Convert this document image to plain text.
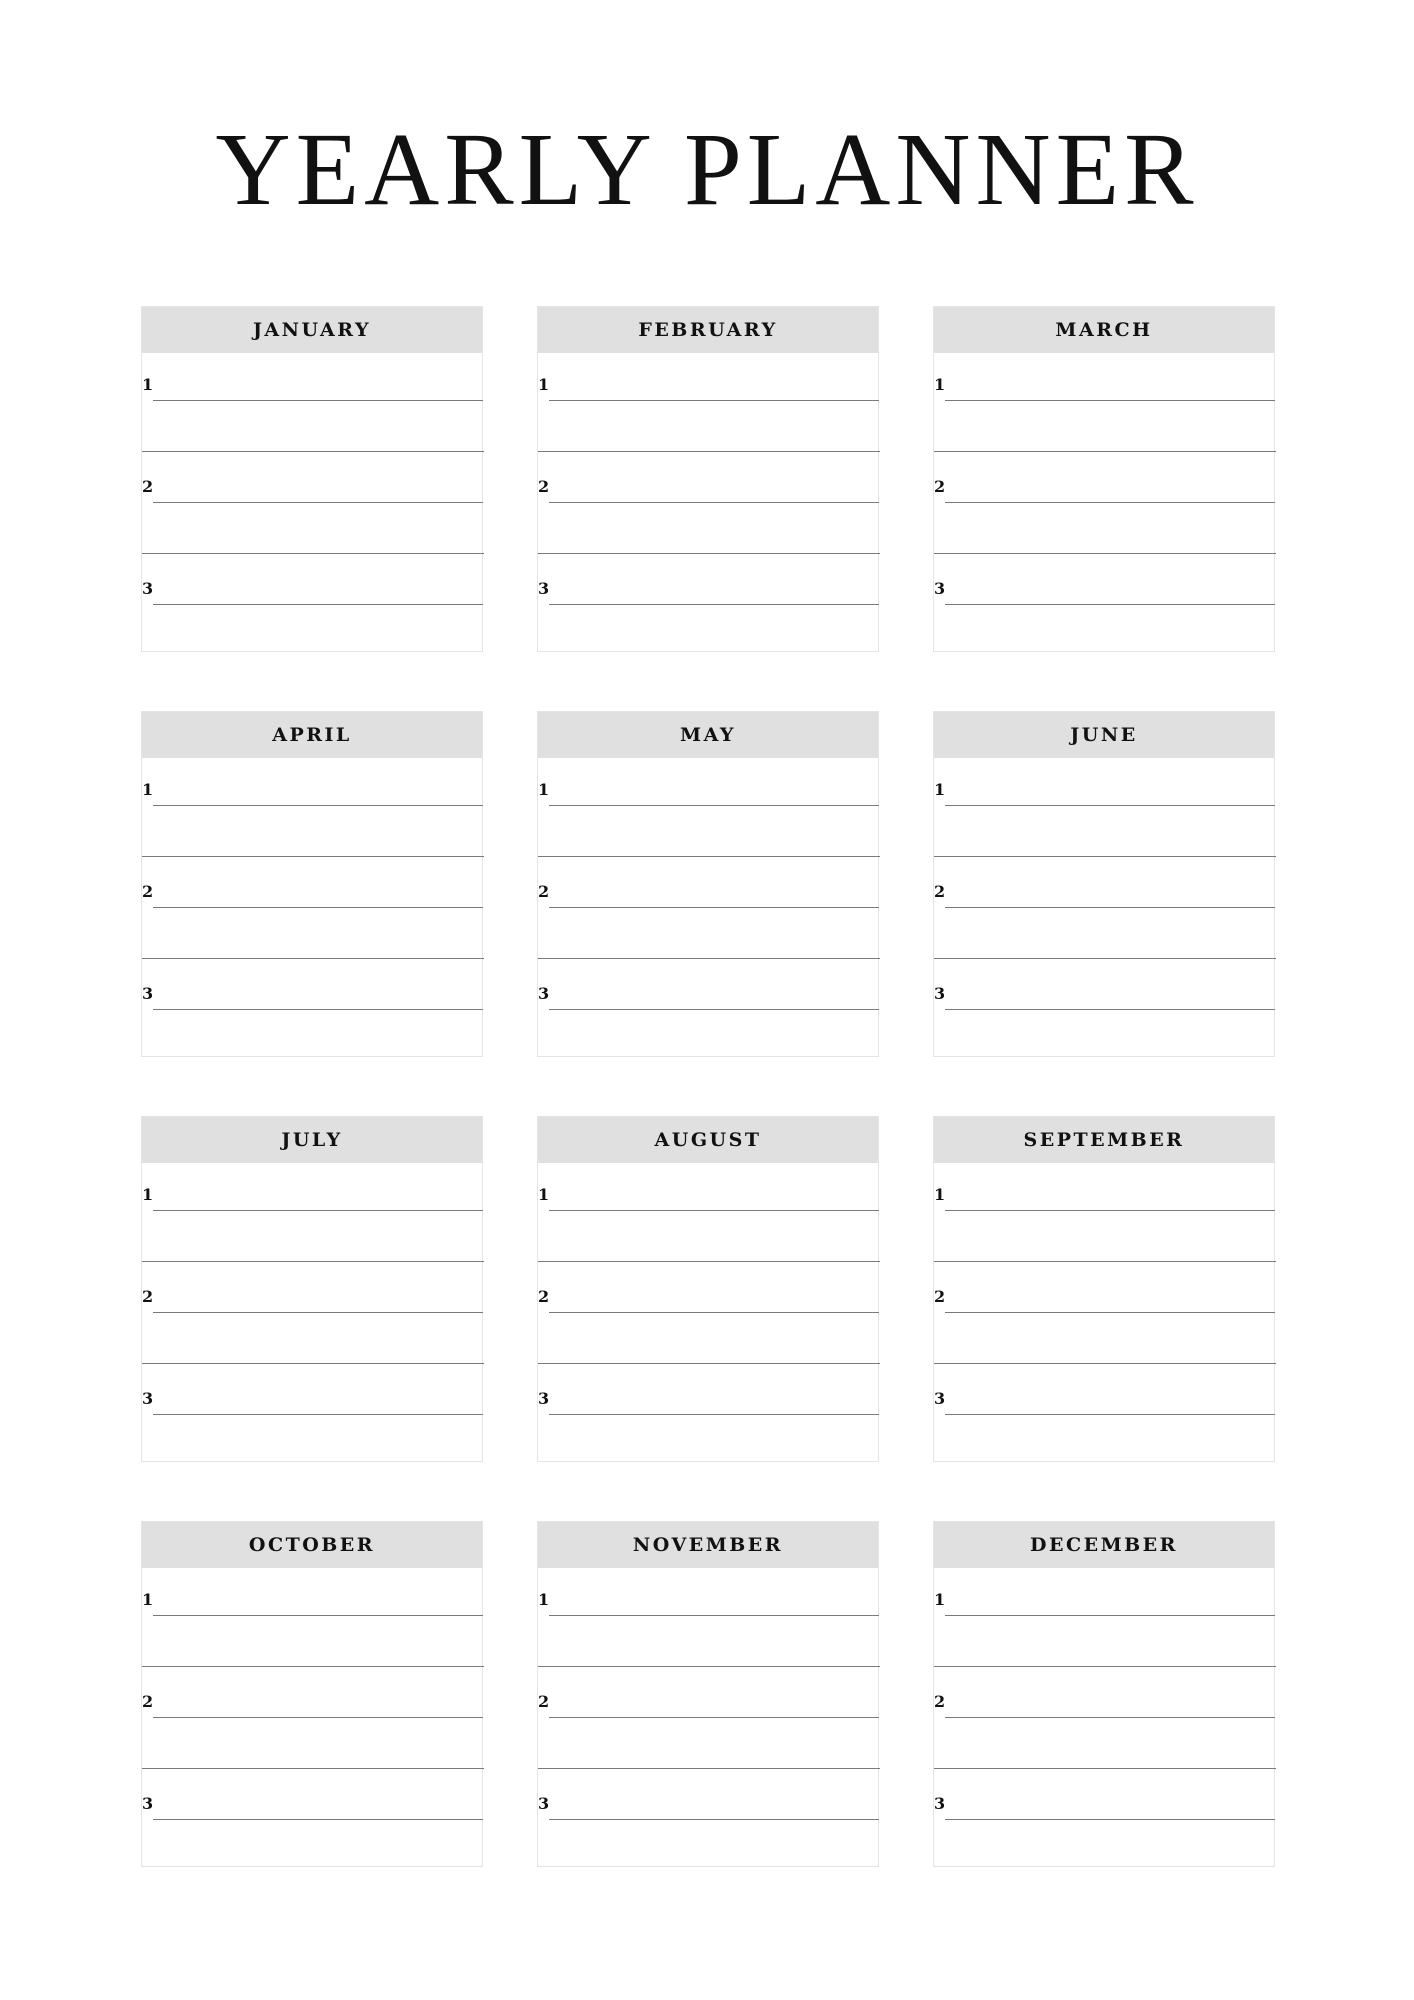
YEARLY PLANNER
JANUARY
1
2
3
FEBRUARY
1
2
3
MARCH
1
2
3
APRIL
1
2
3
MAY
1
2
3
JUNE
1
2
3
JULY
1
2
3
AUGUST
1
2
3
SEPTEMBER
1
2
3
OCTOBER
1
2
3
NOVEMBER
1
2
3
DECEMBER
1
2
3
